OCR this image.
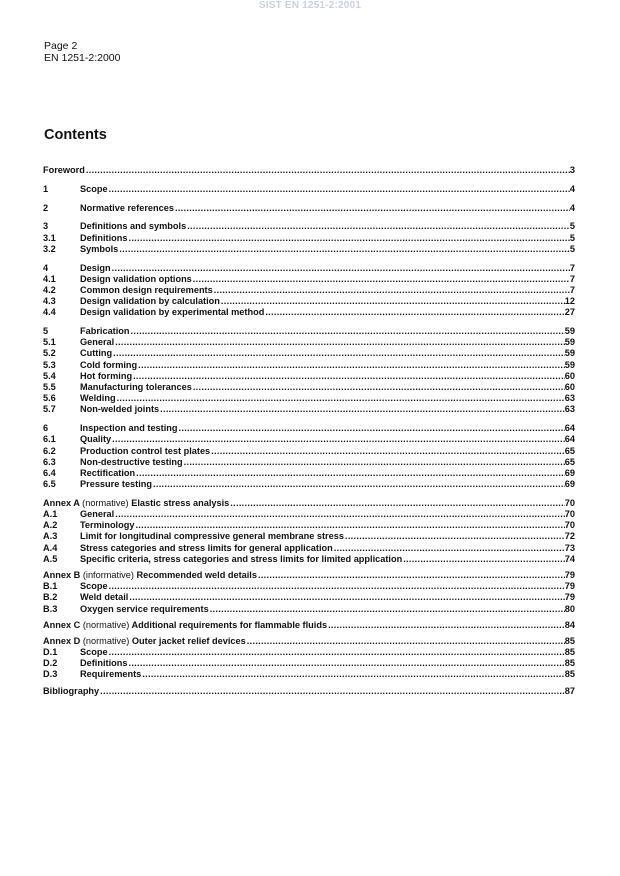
SIST EN 1251-2:2001
Page 2
EN 1251-2:2000
Contents
Foreword .....	3
1	Scope .....	4
2	Normative references .....	4
3	Definitions and symbols .....	5
3.1	Definitions .....	5
3.2	Symbols .....	5
4	Design .....	7
4.1	Design validation options .....	7
4.2	Common design requirements .....	7
4.3	Design validation by calculation .....	12
4.4	Design validation by experimental method .....	27
5	Fabrication .....	59
5.1	General .....	59
5.2	Cutting .....	59
5.3	Cold forming .....	59
5.4	Hot forming .....	60
5.5	Manufacturing tolerances .....	60
5.6	Welding .....	63
5.7	Non-welded joints .....	63
6	Inspection and testing .....	64
6.1	Quality .....	64
6.2	Production control test plates .....	65
6.3	Non-destructive testing .....	65
6.4	Rectification .....	69
6.5	Pressure testing .....	69
Annex A (normative) Elastic stress analysis .....	70
A.1 General .....	70
A.2 Terminology .....	70
A.3 Limit for longitudinal compressive general membrane stress .....	72
A.4 Stress categories and stress limits for general application .....	73
A.5 Specific criteria, stress categories and stress limits for limited application .....	74
Annex B (informative) Recommended weld details .....	79
B.1 Scope .....	79
B.2 Weld detail .....	79
B.3 Oxygen service requirements .....	80
Annex C (normative) Additional requirements for flammable fluids .....	84
Annex D (normative) Outer jacket relief devices .....	85
D.1 Scope .....	85
D.2 Definitions .....	85
D.3 Requirements .....	85
Bibliography .....	87
